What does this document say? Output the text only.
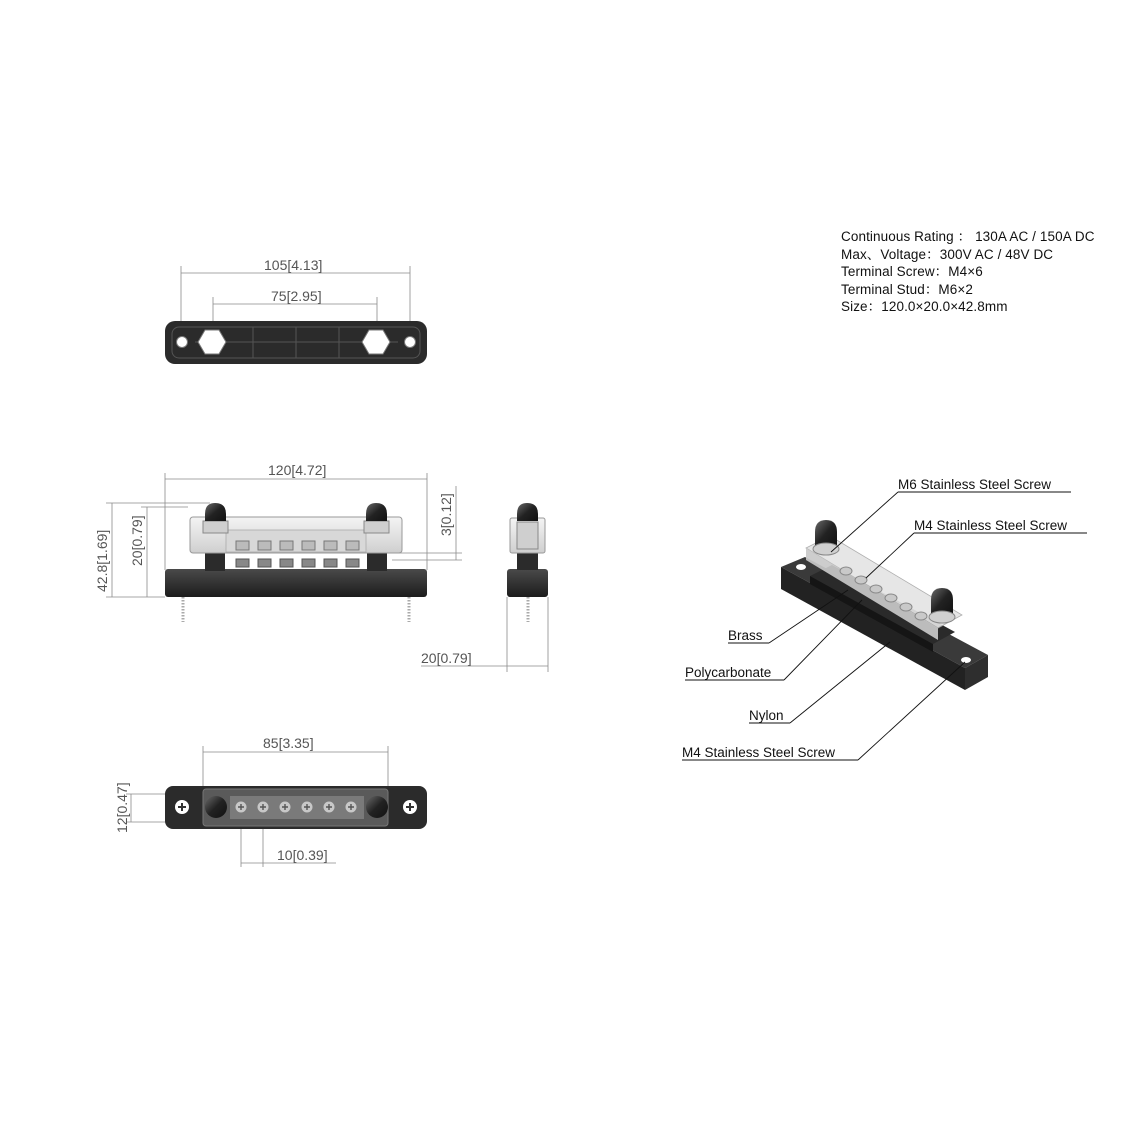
Continuous Rating ： 130A AC / 150A DC
Max、Voltage：300V AC / 48V DC
Terminal Screw：M4×6
Terminal Stud：M6×2
Size：120.0×20.0×42.8mm
105[4.13]
75[2.95]
120[4.72]
42.8[1.69] 20[0.79]
3[0.12]
20[0.79]
85[3.35]
12[0.47]
10[0.39]
M6 Stainless Steel Screw
M4 Stainless Steel Screw
Brass
Polycarbonate
Nylon
M4 Stainless Steel Screw
